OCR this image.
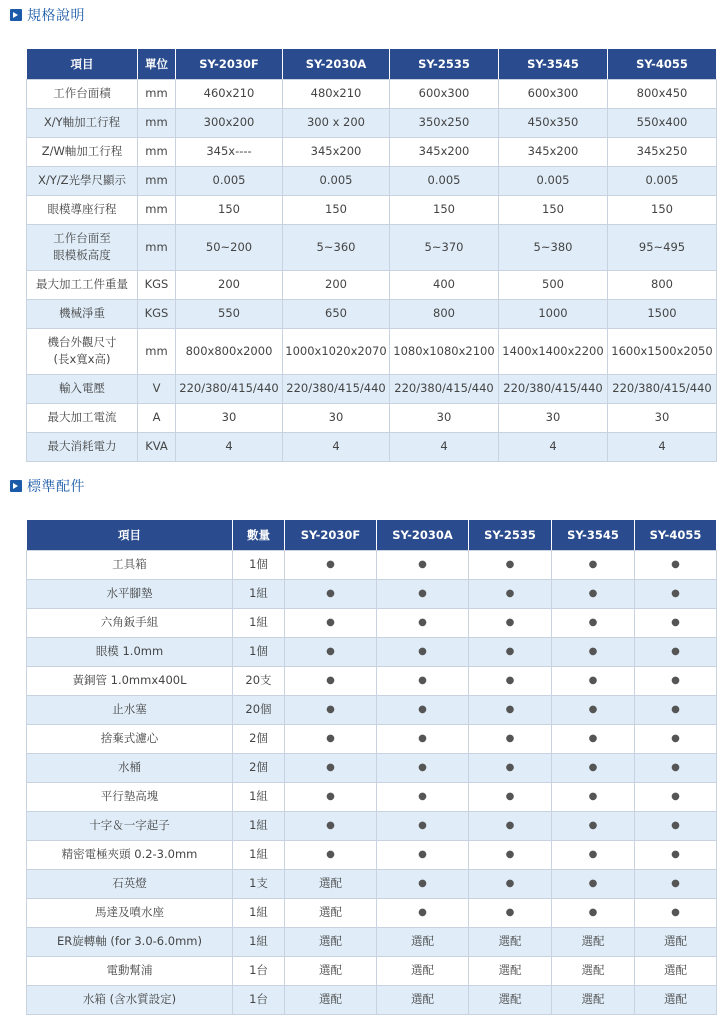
規格說明
項目	單位	SY-2030F	SY-2030A	SY-2535	SY-3545	SY-4055
工作台面積	mm	460x210	480x210	600x300	600x300	800x450
X/Y軸加工行程	mm	300x200	300 x 200	350x250	450x350	550x400
Z/W軸加工行程	mm	345x----	345x200	345x200	345x200	345x250
X/Y/Z光學尺顯示	mm	0.005	0.005	0.005	0.005	0.005
眼模導座行程	mm	150	150	150	150	150
工作台面至
眼模板高度	mm	50~200	5~360	5~370	5~380	95~495
最大加工工件重量	KGS	200	200	400	500	800
機械淨重	KGS	550	650	800	1000	1500
機台外觀尺寸
(長x寬x高)	mm	800x800x2000	1000x1020x2070	1080x1080x2100	1400x1400x2200	1600x1500x2050
輸入電壓	V	220/380/415/440	220/380/415/440	220/380/415/440	220/380/415/440	220/380/415/440
最大加工電流	A	30	30	30	30	30
最大消耗電力	KVA	4	4	4	4	4
標準配件
項目	數量	SY-2030F	SY-2030A	SY-2535	SY-3545	SY-4055
工具箱	1個	●	●	●	●	●
水平腳墊	1組	●	●	●	●	●
六角鈑手組	1組	●	●	●	●	●
眼模 1.0mm	1個	●	●	●	●	●
黃銅管 1.0mmx400L	20支	●	●	●	●	●
止水塞	20個	●	●	●	●	●
捨棄式濾心	2個	●	●	●	●	●
水桶	2個	●	●	●	●	●
平行墊高塊	1組	●	●	●	●	●
十字＆一字起子	1組	●	●	●	●	●
精密電極夾頭 0.2-3.0mm	1組	●	●	●	●	●
石英燈	1支	選配	●	●	●	●
馬達及噴水座	1組	選配	●	●	●	●
ER旋轉軸 (for 3.0-6.0mm)	1組	選配	選配	選配	選配	選配
電動幫浦	1台	選配	選配	選配	選配	選配
水箱 (含水質設定)	1台	選配	選配	選配	選配	選配
